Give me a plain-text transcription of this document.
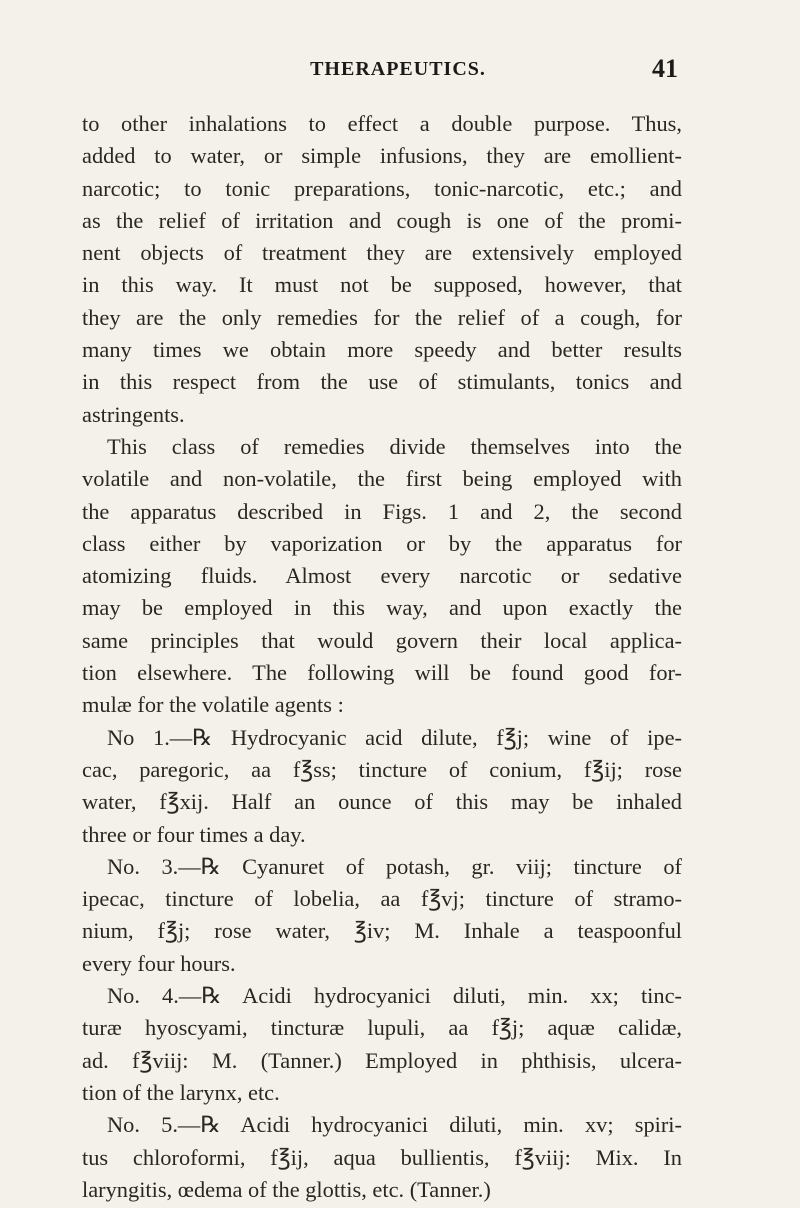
THERAPEUTICS.	41
to other inhalations to effect a double purpose. Thus,
added to water, or simple infusions, they are emollient-
narcotic; to tonic preparations, tonic-narcotic, etc.; and
as the relief of irritation and cough is one of the promi-
nent objects of treatment they are extensively employed
in this way. It must not be supposed, however, that
they are the only remedies for the relief of a cough, for
many times we obtain more speedy and better results
in this respect from the use of stimulants, tonics and
astringents.
This class of remedies divide themselves into the
volatile and non-volatile, the first being employed with
the apparatus described in Figs. 1 and 2, the second
class either by vaporization or by the apparatus for
atomizing fluids. Almost every narcotic or sedative
may be employed in this way, and upon exactly the
same principles that would govern their local applica-
tion elsewhere. The following will be found good for-
mulæ for the volatile agents :
No 1.—℞ Hydrocyanic acid dilute, f℥j; wine of ipe-
cac, paregoric, aa f℥ss; tincture of conium, f℥ij; rose
water, f℥xij. Half an ounce of this may be inhaled
three or four times a day.
No. 3.—℞ Cyanuret of potash, gr. viij; tincture of
ipecac, tincture of lobelia, aa f℥vj; tincture of stramo-
nium, f℥j; rose water, ℥iv; M. Inhale a teaspoonful
every four hours.
No. 4.—℞ Acidi hydrocyanici diluti, min. xx; tinc-
turæ hyoscyami, tincturæ lupuli, aa f℥j; aquæ calidæ,
ad. f℥viij: M. (Tanner.) Employed in phthisis, ulcera-
tion of the larynx, etc.
No. 5.—℞ Acidi hydrocyanici diluti, min. xv; spiri-
tus chloroformi, f℥ij, aqua bullientis, f℥viij: Mix. In
laryngitis, œdema of the glottis, etc. (Tanner.)
